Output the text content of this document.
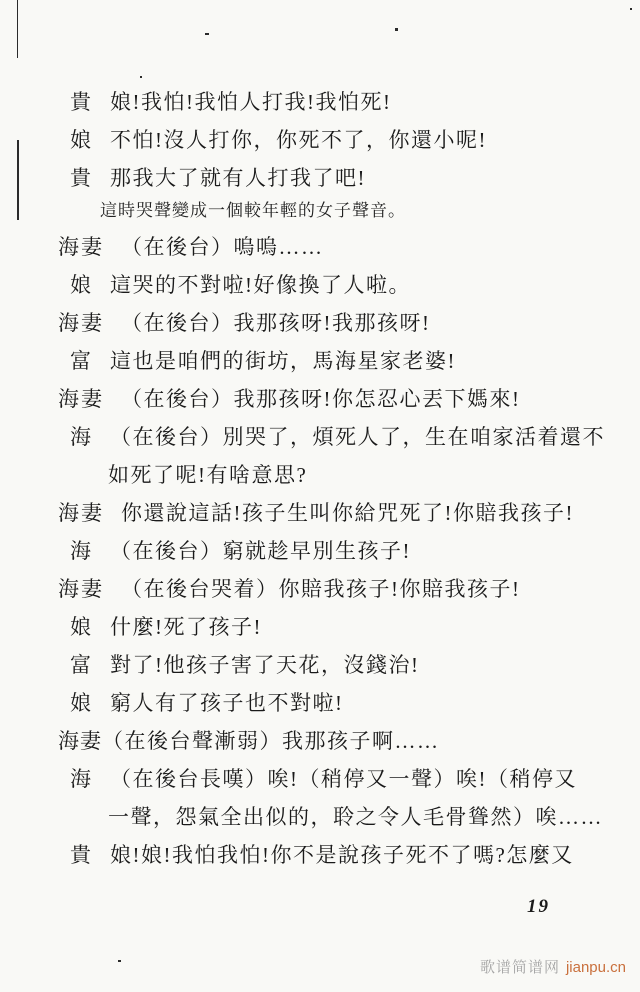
貴 娘!我怕!我怕人打我!我怕死!
娘 不怕!沒人打你，你死不了，你還小呢!
貴 那我大了就有人打我了吧!
這時哭聲變成一個較年輕的女子聲音。
海妻 （在後台）嗚嗚……
娘 這哭的不對啦!好像換了人啦。
海妻 （在後台）我那孩呀!我那孩呀!
富 這也是咱們的街坊，馬海星家老婆!
海妻 （在後台）我那孩呀!你怎忍心丟下媽來!
海 （在後台）別哭了，煩死人了，生在咱家活着還不
如死了呢!有啥意思?
海妻 你還說這話!孩子生叫你給咒死了!你賠我孩子!
海 （在後台）窮就趁早別生孩子!
海妻 （在後台哭着）你賠我孩子!你賠我孩子!
娘 什麼!死了孩子!
富 對了!他孩子害了天花，沒錢治!
娘 窮人有了孩子也不對啦!
海妻（在後台聲漸弱）我那孩子啊……
海 （在後台長嘆）唉!（稍停又一聲）唉!（稍停又
一聲，怨氣全出似的，聆之令人毛骨聳然）唉……
貴 娘!娘!我怕我怕!你不是說孩子死不了嗎?怎麼又
19
歌谱简谱网 jianpu.cn
